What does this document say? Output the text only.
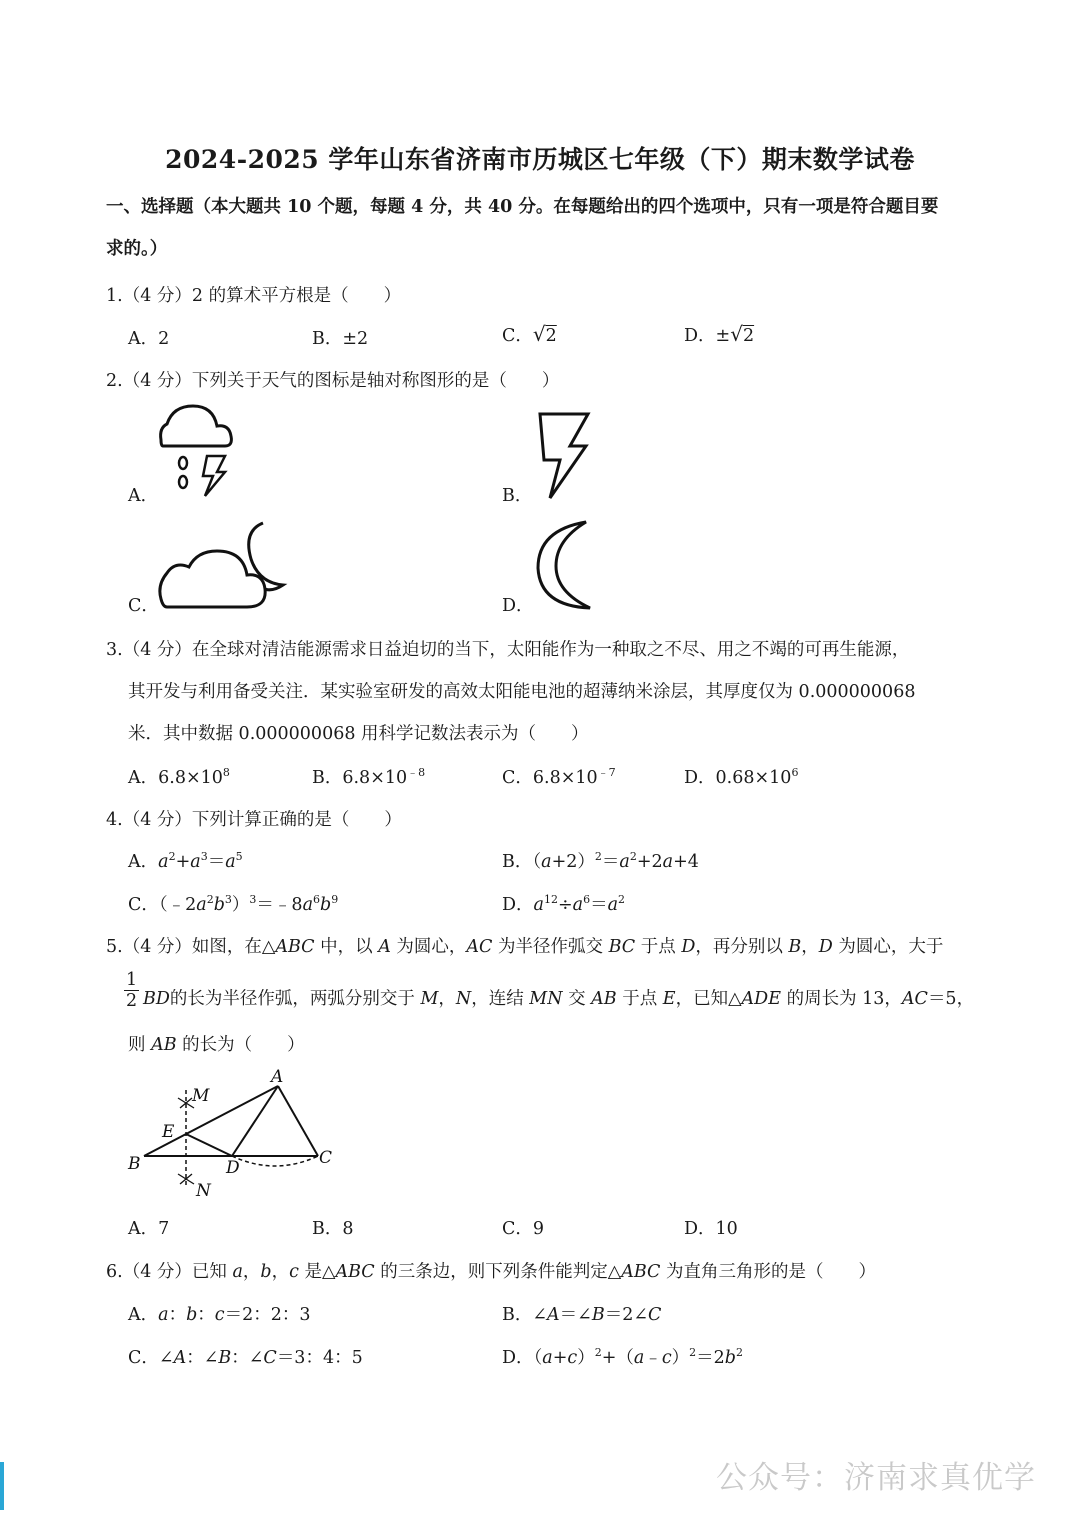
2024-2025 学年山东省济南市历城区七年级（下）期末数学试卷
一、选择题（本大题共 10 个题，每题 4 分，共 40 分。在每题给出的四个选项中，只有一项是符合题目要
求的。）
1.（4 分）2 的算术平方根是（　　）
A．2	B．±2	C．√2	D．±√2
2.（4 分）下列关于天气的图标是轴对称图形的是（　　）
A．	B．
C．	D．
3.（4 分）在全球对清洁能源需求日益迫切的当下，太阳能作为一种取之不尽、用之不竭的可再生能源，
其开发与利用备受关注．某实验室研发的高效太阳能电池的超薄纳米涂层，其厚度仅为 0.000000068
米．其中数据 0.000000068 用科学记数法表示为（　　）
A．$6.8\times 10^8$	B．$6.8\times 10^{﹣8}$	C．$6.8\times 10^{﹣7}$	D．$0.68\times 10^6$
4.（4 分）下列计算正确的是（　　）
A．$a^2+a^3=a^5$	B．$(a+2)^2=a^2+2a+4$
C．$(﹣2a^2b^3)^3=﹣8a^6b^9$	D．$a^{12}\div a^6=a^2$
5.（4 分）如图，在△ABC 中，以 A 为圆心，AC 为半径作弧交 BC 于点 D，再分别以 B，D 为圆心，大于
$\frac{1}{2}$ BD的长为半径作弧，两弧分别交于 M，N，连结 MN 交 AB 于点 E，已知△ADE 的周长为 13，AC＝5，
则 AB 的长为（　　）
A
B	C
D
E
M
N
A．7	B．8	C．9	D．10
6.（4 分）已知 a，b，c 是△ABC 的三条边，则下列条件能判定△ABC 为直角三角形的是（　　）
A．a：b：c＝2：2：3	B．∠A＝∠B＝2∠C
C．∠A：∠B：∠C＝3：4：5	D．$(a+c)^2+(a﹣c)^2=2b^2$
公众号：济南求真优学
